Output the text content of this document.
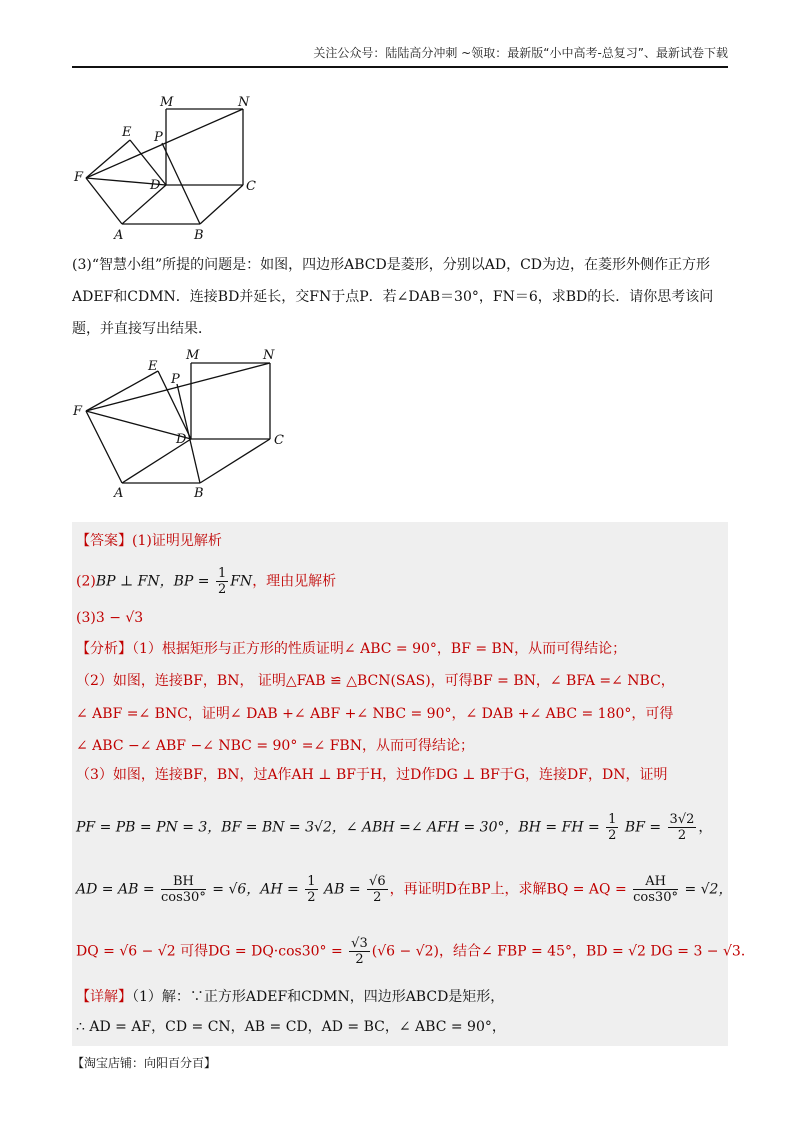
关注公众号：陆陆高分冲刺 ~领取：最新版“小中高考-总复习”、最新试卷下载
M	N
E P
F
D	C
A	B
(3)“智慧小组”所提的问题是：如图，四边形ABCD是菱形，分别以AD，CD为边，在菱形外侧作正方形
ADEF和CDMN．连接BD并延长，交FN于点P．若∠DAB＝30°，FN＝6，求BD的长．请你思考该问
题，并直接写出结果．
M	N
E
P
F
D	C
A	B
【答案】(1)证明见解析
(2)BP ⊥ FN，BP = $\frac{1}{2}$ FN，理由见解析
(3)3 − √3
【分析】（1）根据矩形与正方形的性质证明∠ ABC = 90°，BF = BN，从而可得结论；
（2）如图，连接BF，BN， 证明△FAB ≌ △BCN(SAS)，可得BF = BN，∠ BFA =∠ NBC，
∠ ABF =∠ BNC，证明∠ DAB +∠ ABF +∠ NBC = 90°，∠ DAB +∠ ABC = 180°，可得
∠ ABC −∠ ABF −∠ NBC = 90° =∠ FBN，从而可得结论；
（3）如图，连接BF，BN，过A作AH ⊥ BF于H，过D作DG ⊥ BF于G，连接DF，DN，证明
PF = PB = PN = 3，BF = BN = 3√2，∠ ABH =∠ AFH = 30°，BH = FH = $\frac{1}{2}$ BF = $\frac{3√2}{2}$ ，
AD = AB = $\frac{BH}{\cos 30^\circ} = √6$，AH = $\frac{1}{2}$ AB = $\frac{√6}{2}$ ，再证明D在BP上，求解BQ = AQ = $\frac{AH}{\cos 30^\circ} = √2$，
DQ = √6 − √2 可得DG = $DQ\cdot\cos 30^\circ = \frac{√3}{2} (√6 - √2)$，结合∠ FBP = 45°，BD = √2 DG = 3 − √3．
【详解】（1）解：∵正方形ADEF和CDMN，四边形ABCD是矩形，
∴ AD = AF，CD = CN，AB = CD，AD = BC，∠ ABC = 90°，
【淘宝店铺：向阳百分百】
